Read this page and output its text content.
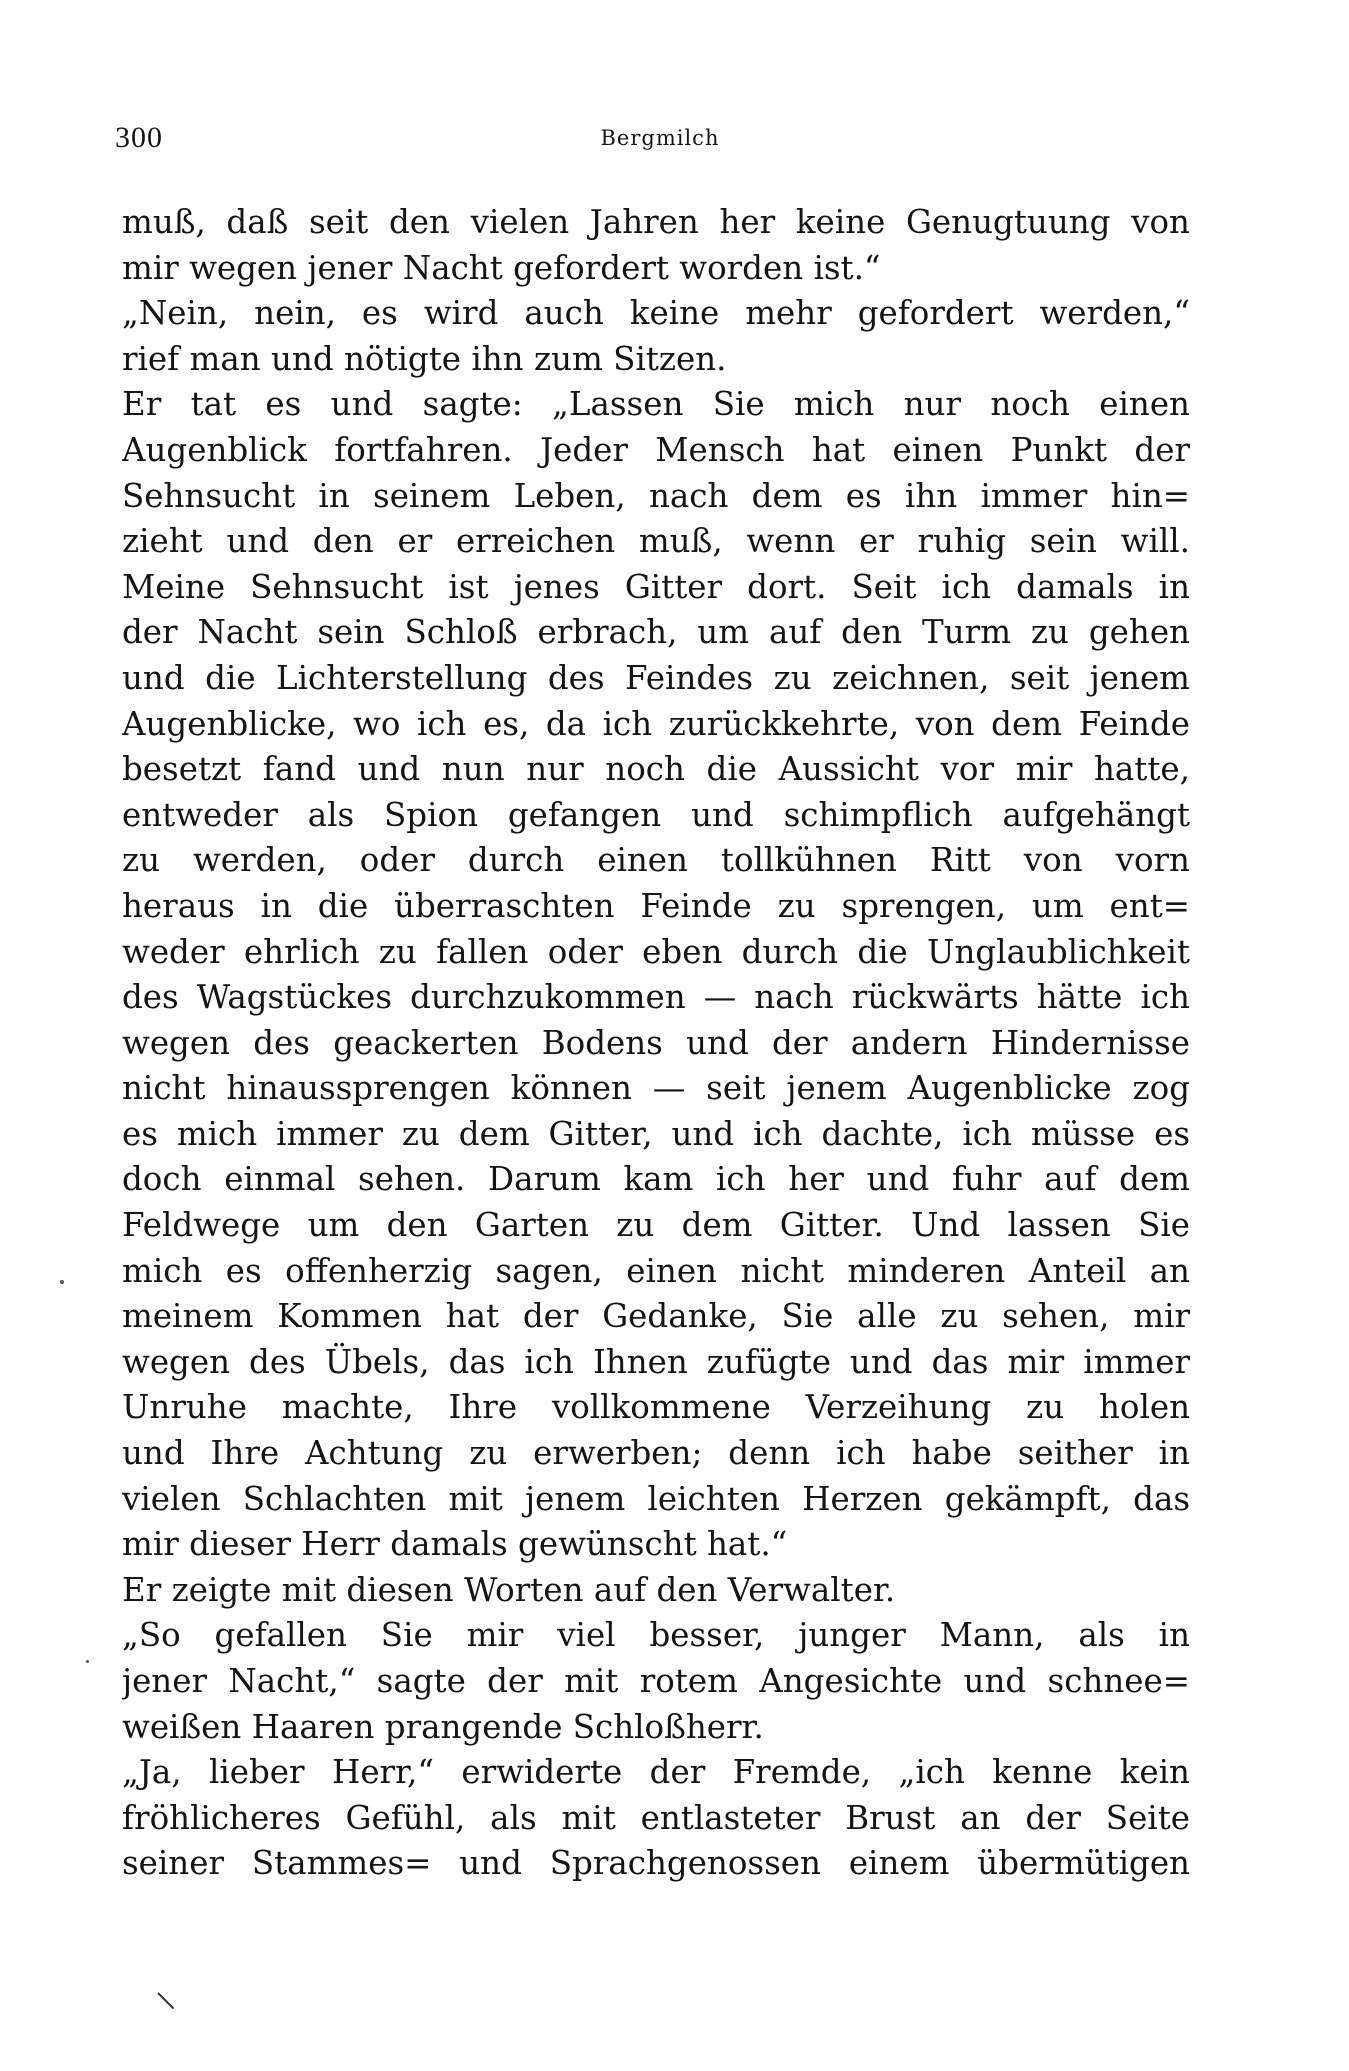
300	Bergmilch
muß, daß seit den vielen Jahren her keine Genugtuung von
mir wegen jener Nacht gefordert worden ist.“
„Nein, nein, es wird auch keine mehr gefordert werden,“
rief man und nötigte ihn zum Sitzen.
Er tat es und sagte: „Lassen Sie mich nur noch einen
Augenblick fortfahren. Jeder Mensch hat einen Punkt der
Sehnsucht in seinem Leben, nach dem es ihn immer hin=
zieht und den er erreichen muß, wenn er ruhig sein will.
Meine Sehnsucht ist jenes Gitter dort. Seit ich damals in
der Nacht sein Schloß erbrach, um auf den Turm zu gehen
und die Lichterstellung des Feindes zu zeichnen, seit jenem
Augenblicke, wo ich es, da ich zurückkehrte, von dem Feinde
besetzt fand und nun nur noch die Aussicht vor mir hatte,
entweder als Spion gefangen und schimpflich aufgehängt
zu werden, oder durch einen tollkühnen Ritt von vorn
heraus in die überraschten Feinde zu sprengen, um ent=
weder ehrlich zu fallen oder eben durch die Unglaublichkeit
des Wagstückes durchzukommen — nach rückwärts hätte ich
wegen des geackerten Bodens und der andern Hindernisse
nicht hinaussprengen können — seit jenem Augenblicke zog
es mich immer zu dem Gitter, und ich dachte, ich müsse es
doch einmal sehen. Darum kam ich her und fuhr auf dem
Feldwege um den Garten zu dem Gitter. Und lassen Sie
mich es offenherzig sagen, einen nicht minderen Anteil an
meinem Kommen hat der Gedanke, Sie alle zu sehen, mir
wegen des Übels, das ich Ihnen zufügte und das mir immer
Unruhe machte, Ihre vollkommene Verzeihung zu holen
und Ihre Achtung zu erwerben; denn ich habe seither in
vielen Schlachten mit jenem leichten Herzen gekämpft, das
mir dieser Herr damals gewünscht hat.“
Er zeigte mit diesen Worten auf den Verwalter.
„So gefallen Sie mir viel besser, junger Mann, als in
jener Nacht,“ sagte der mit rotem Angesichte und schnee=
weißen Haaren prangende Schloßherr.
„Ja, lieber Herr,“ erwiderte der Fremde, „ich kenne kein
fröhlicheres Gefühl, als mit entlasteter Brust an der Seite
seiner Stammes= und Sprachgenossen einem übermütigen
